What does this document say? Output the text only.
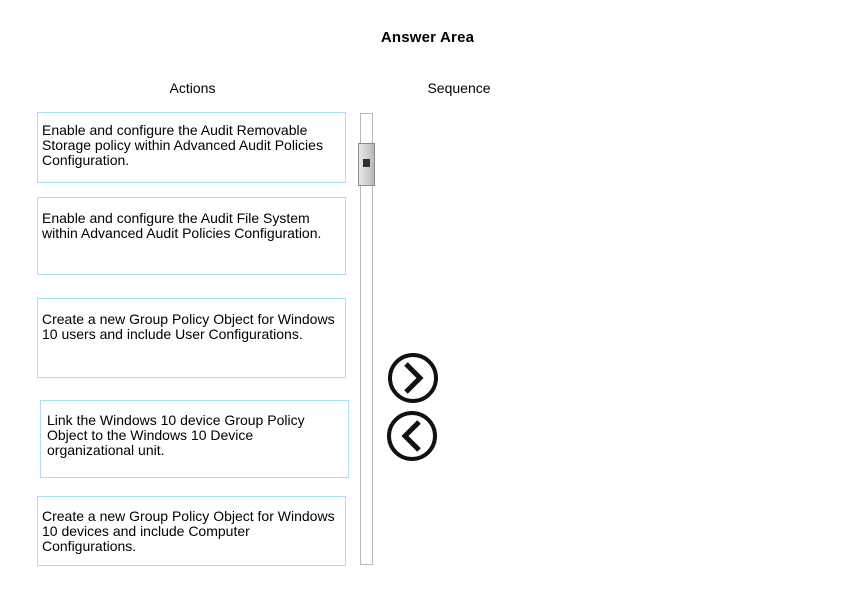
Answer Area
Actions	Sequence
Enable and configure the Audit Removable Storage policy within Advanced Audit Policies Configuration.
Enable and configure the Audit File System within Advanced Audit Policies Configuration.
Create a new Group Policy Object for Windows 10 users and include User Configurations.
Link the Windows 10 device Group Policy Object to the Windows 10 Device organizational unit.
Create a new Group Policy Object for Windows 10 devices and include Computer Configurations.
